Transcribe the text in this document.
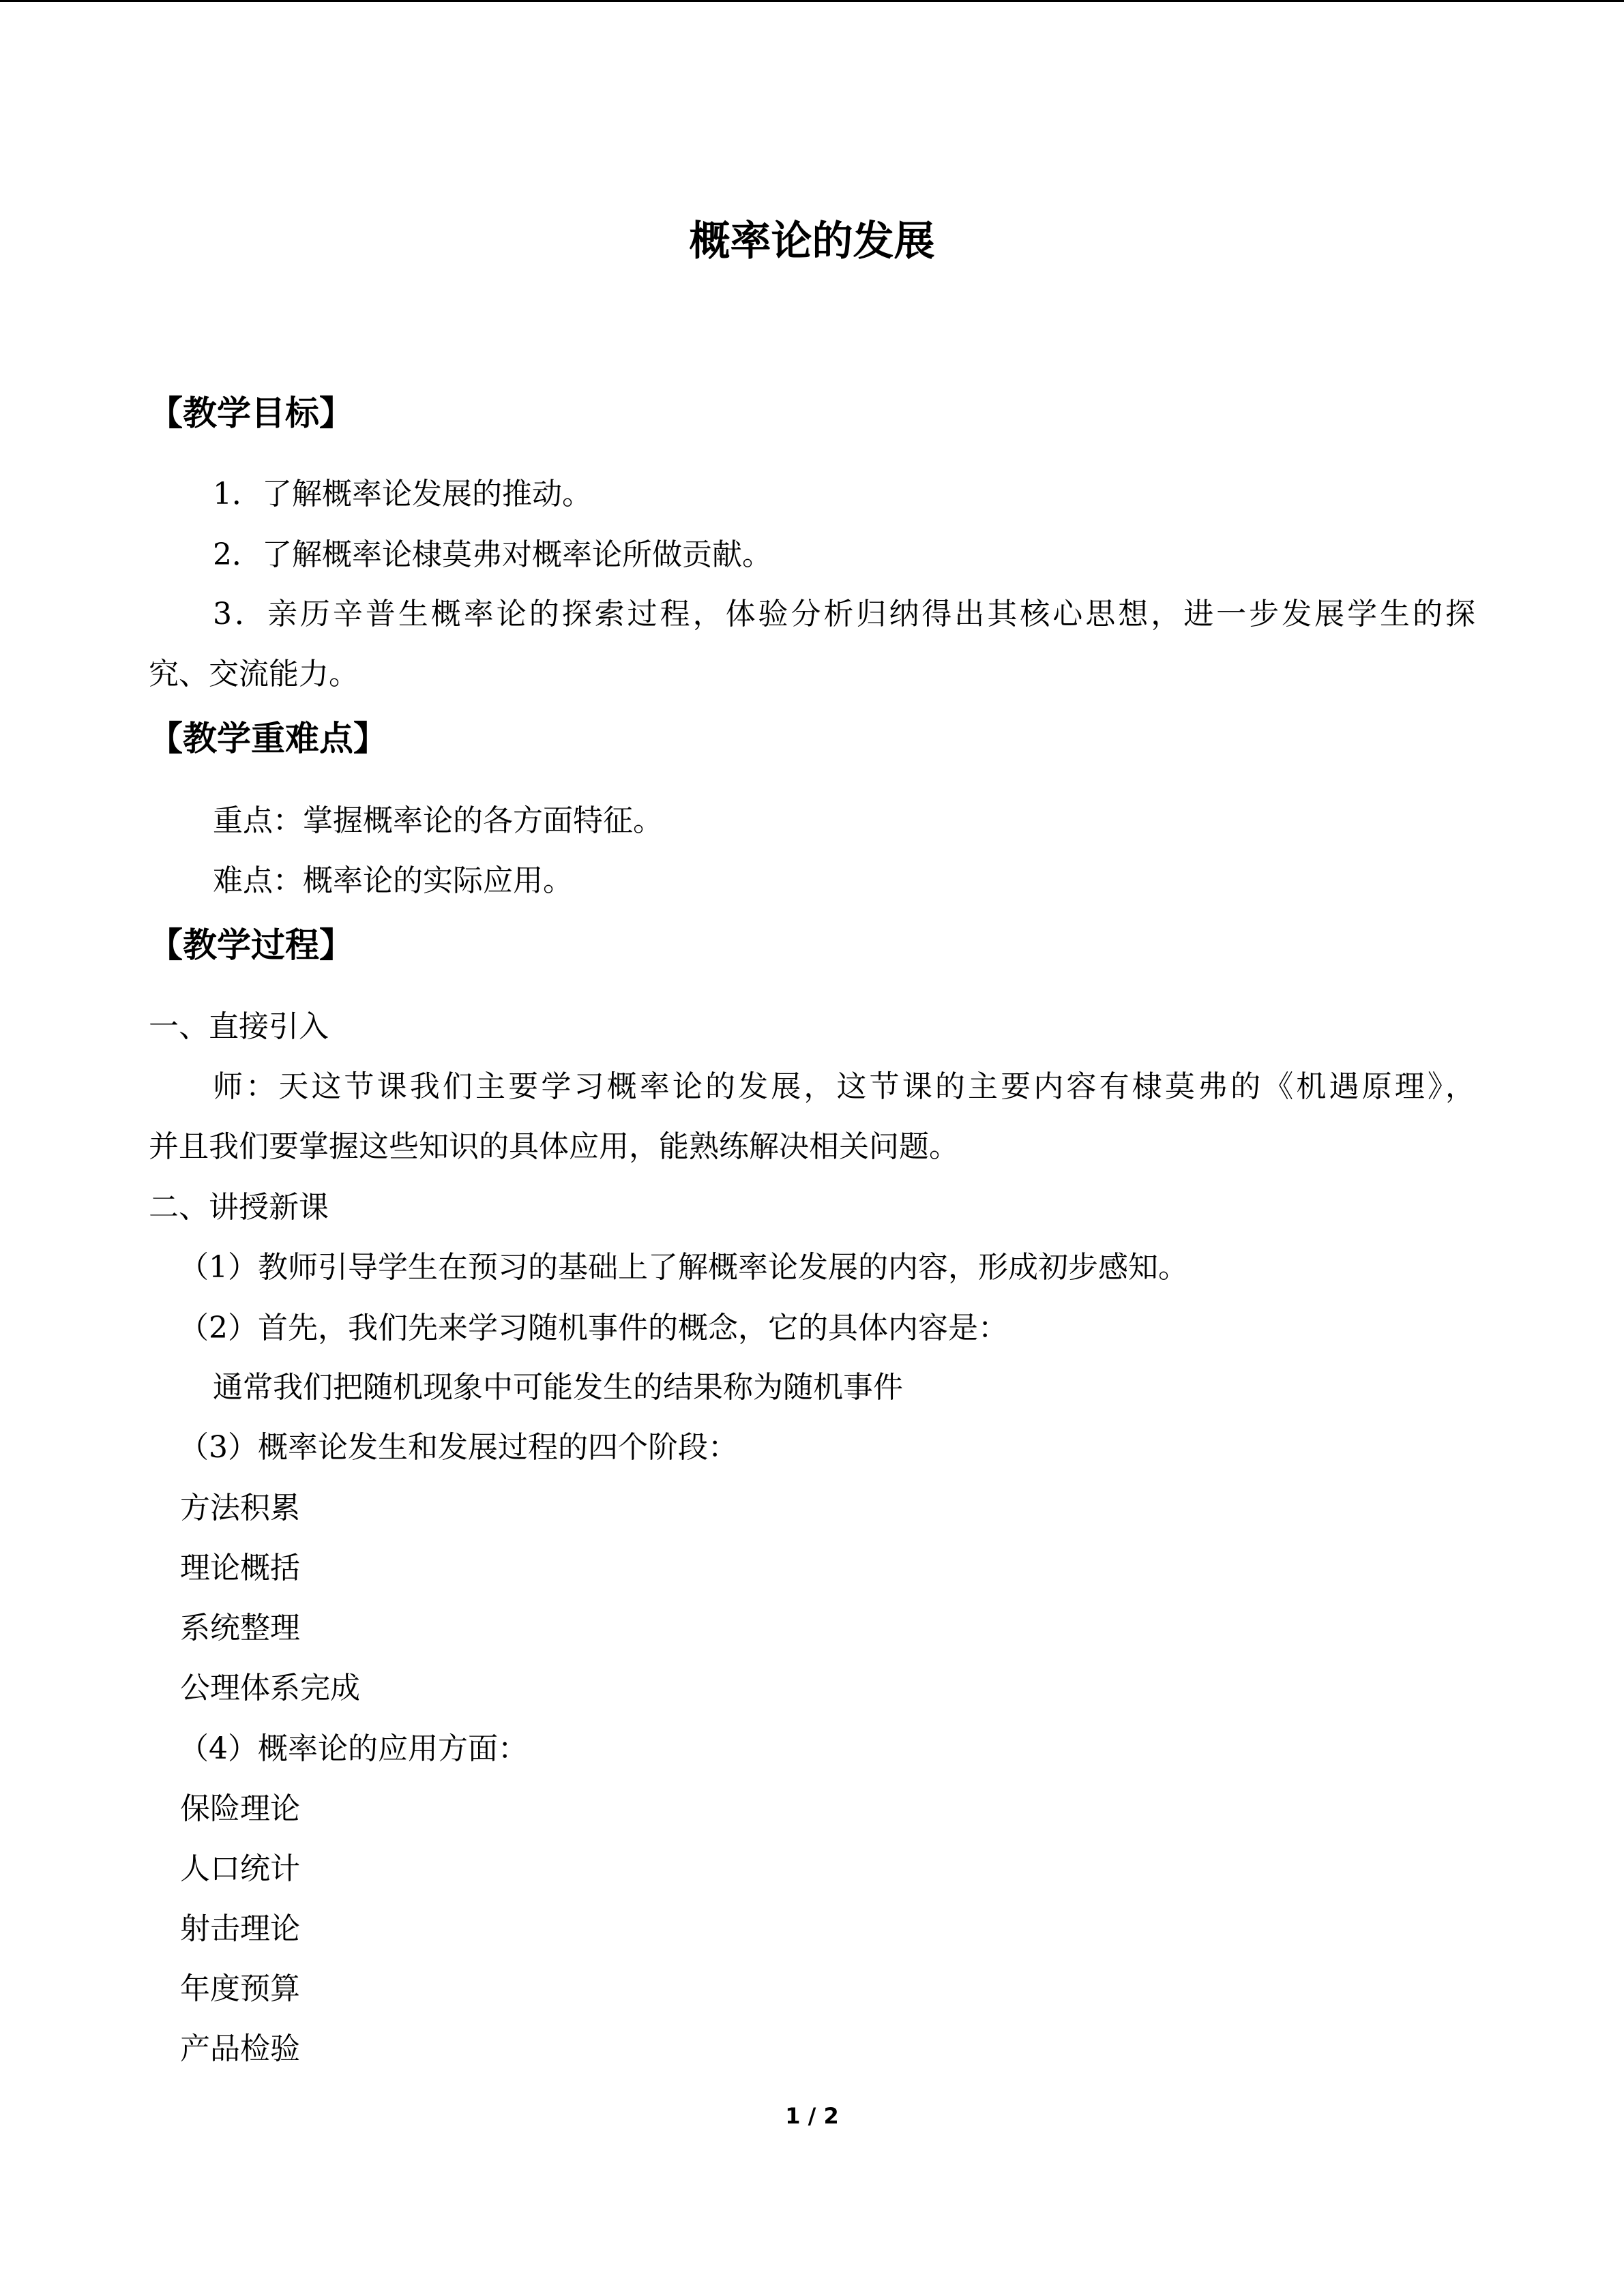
概率论的发展
【教学目标】
1．了解概率论发展的推动。
2．了解概率论棣莫弗对概率论所做贡献。
3．亲历辛普生概率论的探索过程，体验分析归纳得出其核心思想，进一步发展学生的探
究、交流能力。
【教学重难点】
重点：掌握概率论的各方面特征。
难点：概率论的实际应用。
【教学过程】
一、直接引入
师：天这节课我们主要学习概率论的发展，这节课的主要内容有棣莫弗的《机遇原理》，
并且我们要掌握这些知识的具体应用，能熟练解决相关问题。
二、讲授新课
（1）教师引导学生在预习的基础上了解概率论发展的内容，形成初步感知。
（2）首先，我们先来学习随机事件的概念，它的具体内容是：
通常我们把随机现象中可能发生的结果称为随机事件
（3）概率论发生和发展过程的四个阶段：
方法积累
理论概括
系统整理
公理体系完成
（4）概率论的应用方面：
保险理论
人口统计
射击理论
年度预算
产品检验
1 / 2
